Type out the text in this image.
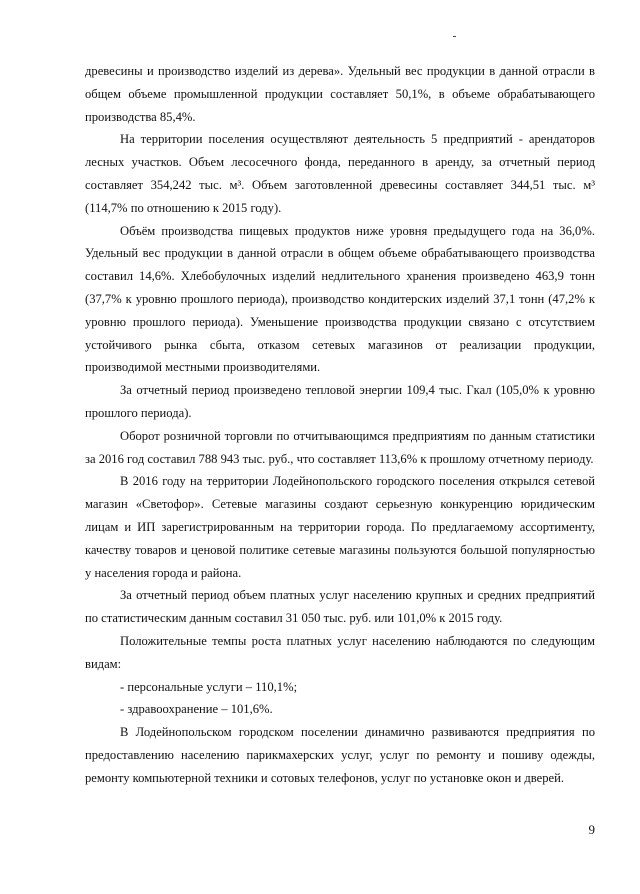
древесины и производство изделий из дерева». Удельный вес продукции в данной отрасли в общем объеме промышленной продукции составляет 50,1%, в объеме обрабатывающего производства 85,4%.

На территории поселения осуществляют деятельность 5 предприятий - арендаторов лесных участков. Объем лесосечного фонда, переданного в аренду, за отчетный период составляет 354,242 тыс. м³. Объем заготовленной древесины составляет 344,51 тыс. м³ (114,7% по отношению к 2015 году).

Объём производства пищевых продуктов ниже уровня предыдущего года на 36,0%. Удельный вес продукции в данной отрасли в общем объеме обрабатывающего производства составил 14,6%. Хлебобулочных изделий недлительного хранения произведено 463,9 тонн (37,7% к уровню прошлого периода), производство кондитерских изделий 37,1 тонн (47,2% к уровню прошлого периода). Уменьшение производства продукции связано с отсутствием устойчивого рынка сбыта, отказом сетевых магазинов от реализации продукции, производимой местными производителями.

За отчетный период произведено тепловой энергии 109,4 тыс. Гкал (105,0% к уровню прошлого периода).

Оборот розничной торговли по отчитывающимся предприятиям по данным статистики за 2016 год составил 788 943 тыс. руб., что составляет 113,6% к прошлому отчетному периоду.

В 2016 году на территории Лодейнопольского городского поселения открылся сетевой магазин «Светофор». Сетевые магазины создают серьезную конкуренцию юридическим лицам и ИП зарегистрированным на территории города. По предлагаемому ассортименту, качеству товаров и ценовой политике сетевые магазины пользуются большой популярностью у населения города и района.

За отчетный период объем платных услуг населению крупных и средних предприятий по статистическим данным составил 31 050 тыс. руб. или 101,0% к 2015 году.

Положительные темпы роста платных услуг населению наблюдаются по следующим видам:

- персональные услуги – 110,1%;

- здравоохранение – 101,6%.

В Лодейнопольском городском поселении динамично развиваются предприятия по предоставлению населению парикмахерских услуг, услуг по ремонту и пошиву одежды, ремонту компьютерной техники и сотовых телефонов, услуг по установке окон и дверей.

9
